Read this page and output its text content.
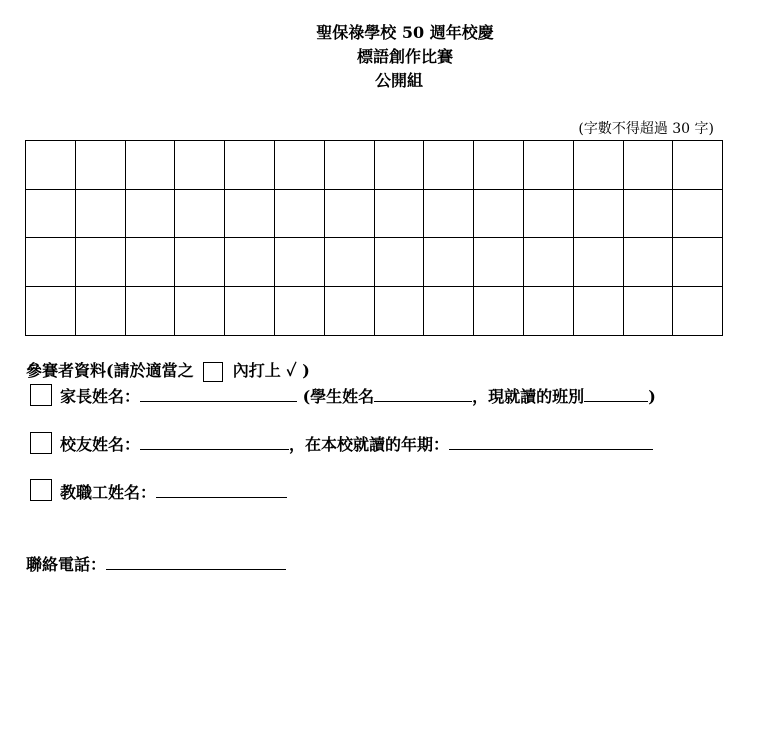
聖保祿學校 50 週年校慶
標語創作比賽
公開組
(字數不得超過 30 字)

參賽者資料(請於適當之 內打上 ✓ )
家長姓名：	(學生姓名	，現就讀的班別	)
校友姓名：	，在本校就讀的年期：
教職工姓名：
聯絡電話：
